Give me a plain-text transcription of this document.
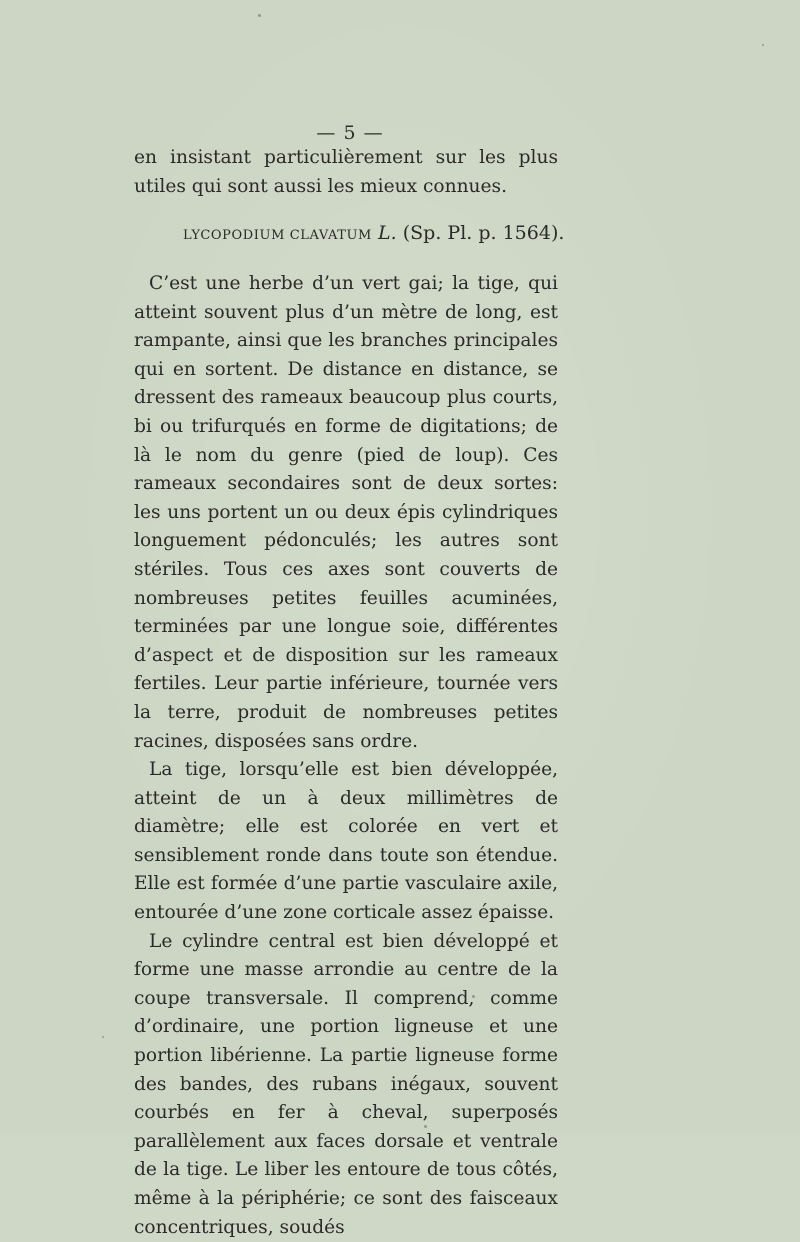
— 5 —

en insistant particulièrement sur les plus utiles qui sont aussi les mieux connues.

LYCOPODIUM CLAVATUM L. (Sp. Pl. p. 1564).

C’est une herbe d’un vert gai; la tige, qui atteint souvent plus d’un mètre de long, est rampante, ainsi que les branches principales qui en sortent. De distance en distance, se dressent des rameaux beaucoup plus courts, bi ou trifurqués en forme de digitations; de là le nom du genre (pied de loup). Ces rameaux secondaires sont de deux sortes: les uns portent un ou deux épis cylindriques longuement pédonculés; les autres sont stériles. Tous ces axes sont couverts de nombreuses petites feuilles acuminées, terminées par une longue soie, différentes d’aspect et de disposition sur les rameaux fertiles. Leur partie inférieure, tournée vers la terre, produit de nombreuses petites racines, disposées sans ordre.

La tige, lorsqu’elle est bien développée, atteint de un à deux millimètres de diamètre; elle est colorée en vert et sensiblement ronde dans toute son étendue. Elle est formée d’une partie vasculaire axile, entourée d’une zone corticale assez épaisse.

Le cylindre central est bien développé et forme une masse arrondie au centre de la coupe transversale. Il comprend, comme d’ordinaire, une portion ligneuse et une portion libérienne. La partie ligneuse forme des bandes, des rubans inégaux, souvent courbés en fer à cheval, superposés parallèlement aux faces dorsale et ventrale de la tige. Le liber les entoure de tous côtés, même à la périphérie; ce sont des faisceaux concentriques, soudés
